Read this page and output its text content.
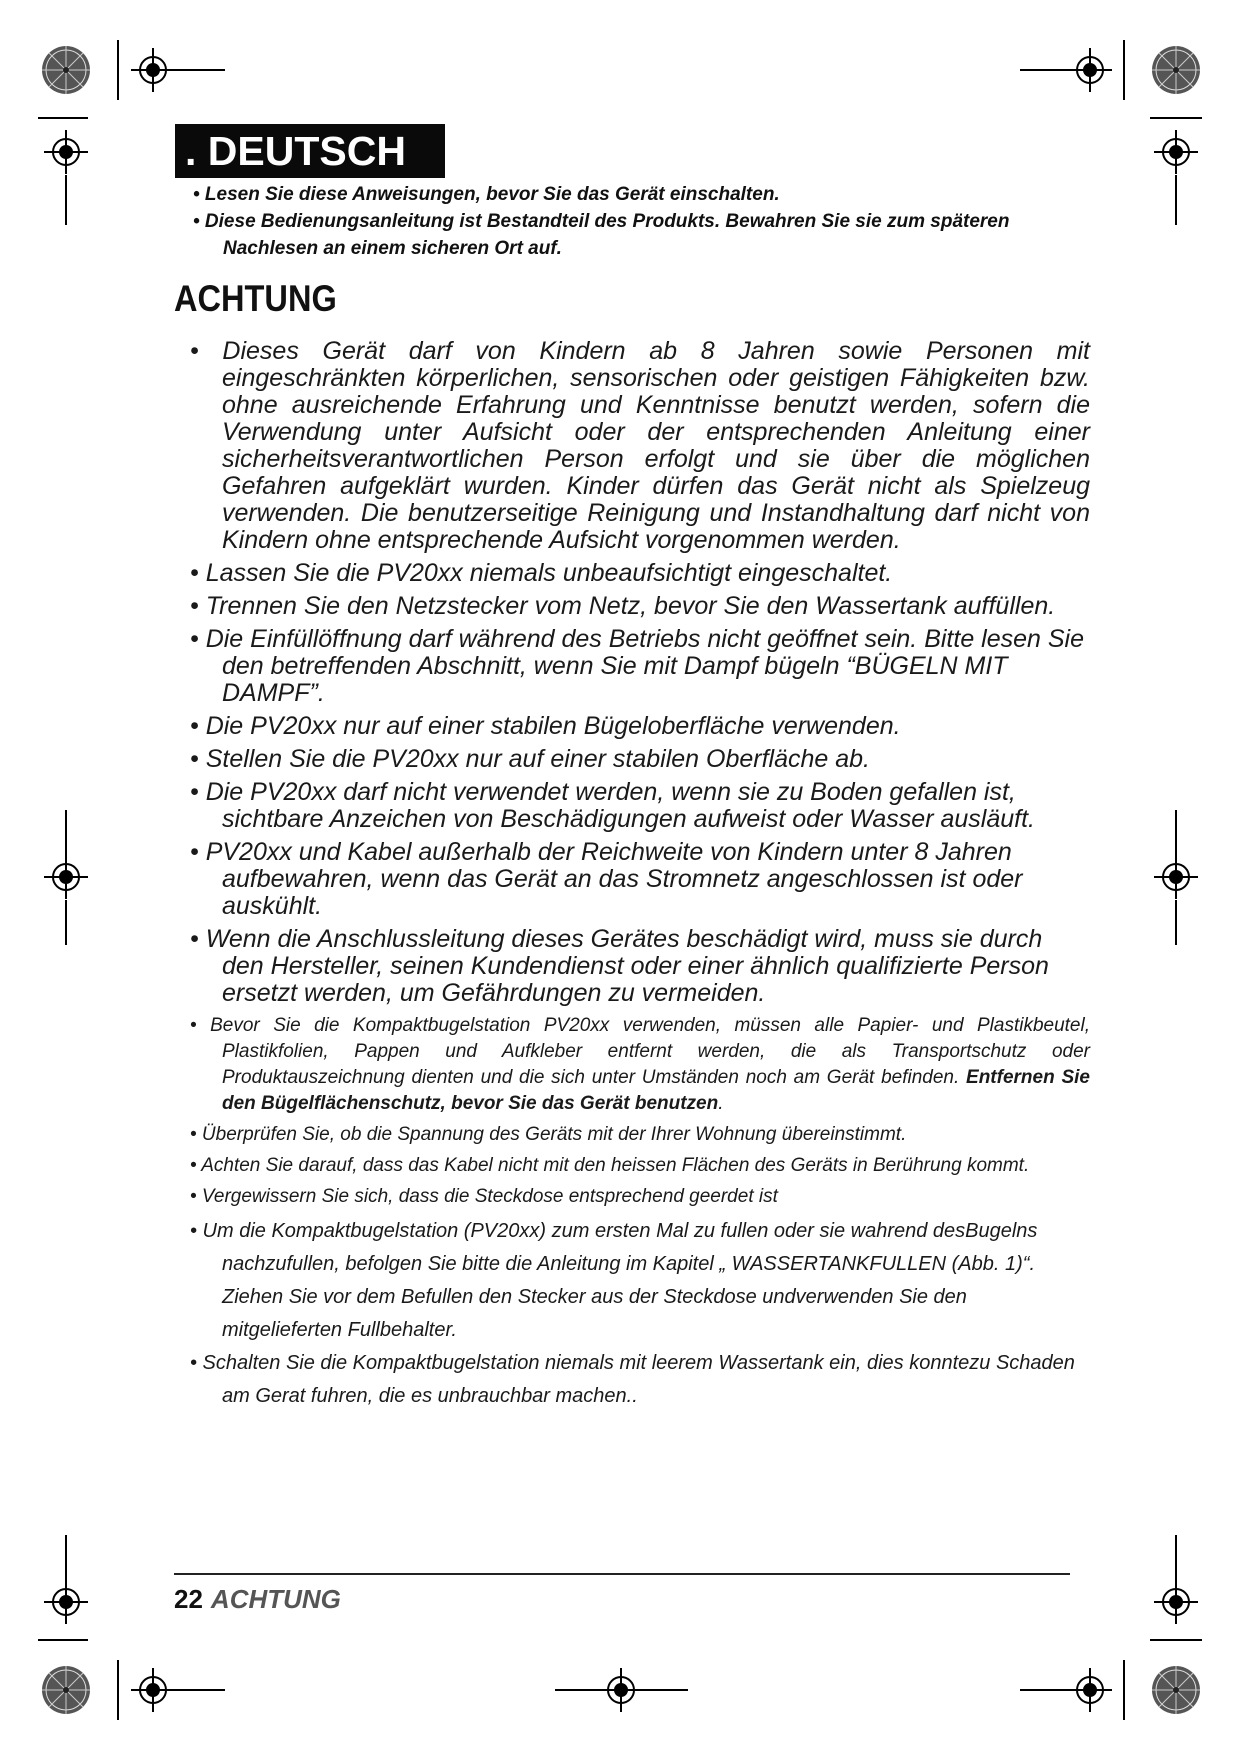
. DEUTSCH

• Lesen Sie diese Anweisungen, bevor Sie das Gerät einschalten.

• Diese Bedienungsanleitung ist Bestandteil des Produkts. Bewahren Sie sie zum späteren Nachlesen an einem sicheren Ort auf.

ACHTUNG

• Dieses Gerät darf von Kindern ab 8 Jahren sowie Personen mit eingeschränkten körperlichen, sensorischen oder geistigen Fähigkeiten bzw. ohne ausreichende Erfahrung und Kenntnisse benutzt werden, sofern die Verwendung unter Aufsicht oder der entsprechenden Anleitung einer sicherheitsverantwortlichen Person erfolgt und sie über die möglichen Gefahren aufgeklärt wurden. Kinder dürfen das Gerät nicht als Spielzeug verwenden. Die benutzerseitige Reinigung und Instandhaltung darf nicht von Kindern ohne entsprechende Aufsicht vorgenommen werden.

• Lassen Sie die PV20xx niemals unbeaufsichtigt eingeschaltet.

• Trennen Sie den Netzstecker vom Netz, bevor Sie den Wassertank auffüllen.

• Die Einfüllöffnung darf während des Betriebs nicht geöffnet sein. Bitte lesen Sie den betreffenden Abschnitt, wenn Sie mit Dampf bügeln “BÜGELN MIT DAMPF”.

• Die PV20xx nur auf einer stabilen Bügeloberfläche verwenden.

• Stellen Sie die PV20xx nur auf einer stabilen Oberfläche ab.

• Die PV20xx darf nicht verwendet werden, wenn sie zu Boden gefallen ist, sichtbare Anzeichen von Beschädigungen aufweist oder Wasser ausläuft.

• PV20xx und Kabel außerhalb der Reichweite von Kindern unter 8 Jahren aufbewahren, wenn das Gerät an das Stromnetz angeschlossen ist oder auskühlt.

• Wenn die Anschlussleitung dieses Gerätes beschädigt wird, muss sie durch den Hersteller, seinen Kundendienst oder einer ähnlich qualifizierte Person ersetzt werden, um Gefährdungen zu vermeiden.

• Bevor Sie die Kompaktbugelstation PV20xx verwenden, müssen alle Papier- und Plastikbeutel, Plastikfolien, Pappen und Aufkleber entfernt werden, die als Transportschutz oder Produktauszeichnung dienten und die sich unter Umständen noch am Gerät befinden. Entfernen Sie den Bügelflächenschutz, bevor Sie das Gerät benutzen.

• Überprüfen Sie, ob die Spannung des Geräts mit der Ihrer Wohnung übereinstimmt.

• Achten Sie darauf, dass das Kabel nicht mit den heissen Flächen des Geräts in Berührung kommt.

• Vergewissern Sie sich, dass die Steckdose entsprechend geerdet ist

• Um die Kompaktbugelstation (PV20xx) zum ersten Mal zu fullen oder sie wahrend desBugelns nachzufullen, befolgen Sie bitte die Anleitung im Kapitel „ WASSERTANKFULLEN (Abb. 1)“. Ziehen Sie vor dem Befullen den Stecker aus der Steckdose undverwenden Sie den mitgelieferten Fullbehalter.

• Schalten Sie die Kompaktbugelstation niemals mit leerem Wassertank ein, dies konntezu Schaden am Gerat fuhren, die es unbrauchbar machen..

22 ACHTUNG
